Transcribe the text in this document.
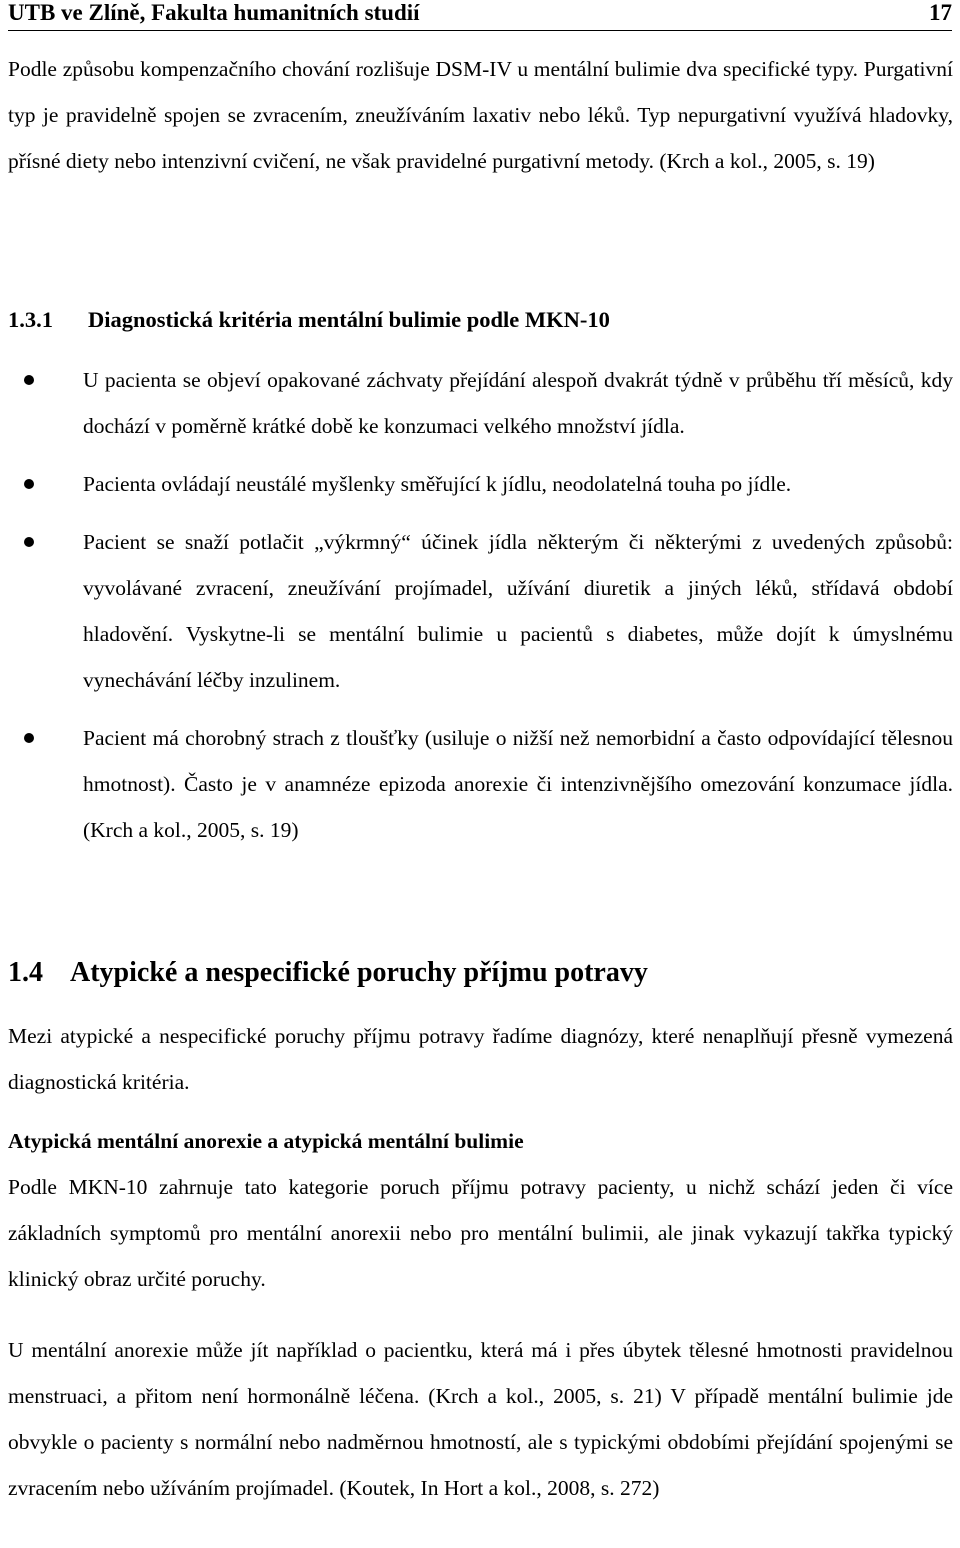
UTB ve Zlíně, Fakulta humanitních studií	17

Podle způsobu kompenzačního chování rozlišuje DSM-IV u mentální bulimie dva specifické typy. Purgativní typ je pravidelně spojen se zvracením, zneužíváním laxativ nebo léků. Typ nepurgativní využívá hladovky, přísné diety nebo intenzivní cvičení, ne však pravidelné purgativní metody. (Krch a kol., 2005, s. 19)

1.3.1	Diagnostická kritéria mentální bulimie podle MKN-10
U pacienta se objeví opakované záchvaty přejídání alespoň dvakrát týdně v průběhu tří měsíců, kdy dochází v poměrně krátké době ke konzumaci velkého množství jídla.
Pacienta ovládají neustálé myšlenky směřující k jídlu, neodolatelná touha po jídle.
Pacient se snaží potlačit „výkrmný“ účinek jídla některým či některými z uvedených způsobů: vyvolávané zvracení, zneužívání projímadel, užívání diuretik a jiných léků, střídavá období hladovění. Vyskytne-li se mentální bulimie u pacientů s diabetes, může dojít k úmyslnému vynechávání léčby inzulinem.
Pacient má chorobný strach z tloušťky (usiluje o nižší než nemorbidní a často odpovídající tělesnou hmotnost). Často je v anamnéze epizoda anorexie či intenzivnějšího omezování konzumace jídla. (Krch a kol., 2005, s. 19)
1.4 Atypické a nespecifické poruchy příjmu potravy

Mezi atypické a nespecifické poruchy příjmu potravy řadíme diagnózy, které nenaplňují přesně vymezená diagnostická kritéria.

Atypická mentální anorexie a atypická mentální bulimie

Podle MKN-10 zahrnuje tato kategorie poruch příjmu potravy pacienty, u nichž schází jeden či více základních symptomů pro mentální anorexii nebo pro mentální bulimii, ale jinak vykazují takřka typický klinický obraz určité poruchy.

U mentální anorexie může jít například o pacientku, která má i přes úbytek tělesné hmotnosti pravidelnou menstruaci, a přitom není hormonálně léčena. (Krch a kol., 2005, s. 21) V případě mentální bulimie jde obvykle o pacienty s normální nebo nadměrnou hmotností, ale s typickými obdobími přejídání spojenými se zvracením nebo užíváním projímadel. (Koutek, In Hort a kol., 2008, s. 272)
